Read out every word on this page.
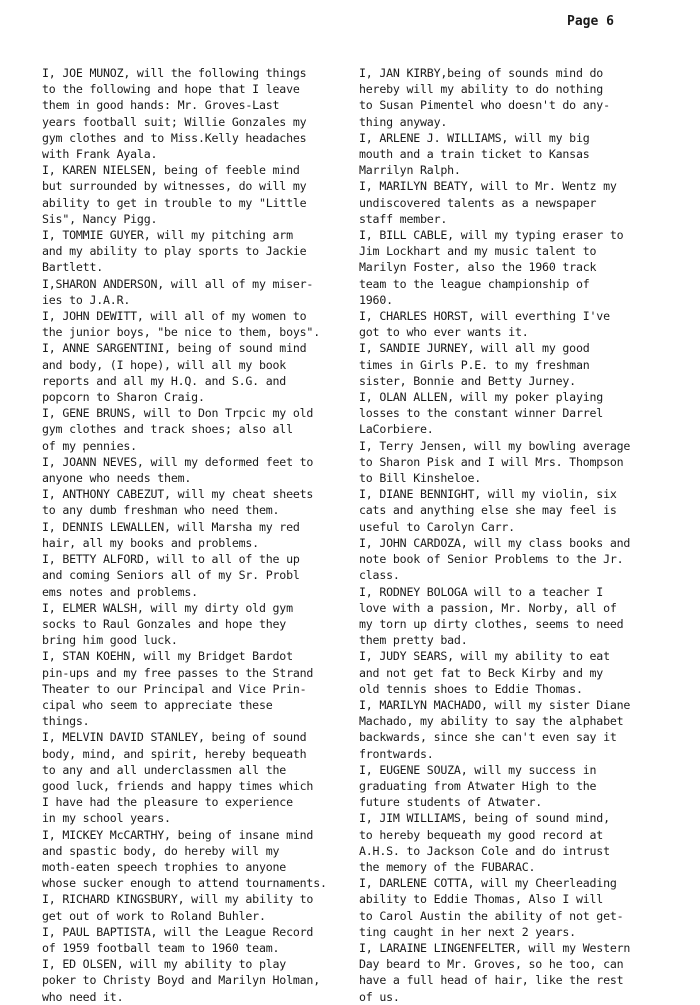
Page 6
I, JOE MUNOZ, will the following things
to the following and hope that I leave
them in good hands: Mr. Groves-Last
years football suit; Willie Gonzales my
gym clothes and to Miss.Kelly headaches
with Frank Ayala.
I, KAREN NIELSEN, being of feeble mind
but surrounded by witnesses, do will my
ability to get in trouble to my "Little
Sis", Nancy Pigg.
I, TOMMIE GUYER, will my pitching arm
and my ability to play sports to Jackie
Bartlett.
I,SHARON ANDERSON, will all of my miser-
ies to J.A.R.
I, JOHN DEWITT, will all of my women to
the junior boys, "be nice to them, boys".
I, ANNE SARGENTINI, being of sound mind
and body, (I hope), will all my book
reports and all my H.Q. and S.G. and
popcorn to Sharon Craig.
I, GENE BRUNS, will to Don Trpcic my old
gym clothes and track shoes; also all
of my pennies.
I, JOANN NEVES, will my deformed feet to
anyone who needs them.
I, ANTHONY CABEZUT, will my cheat sheets
to any dumb freshman who need them.
I, DENNIS LEWALLEN, will Marsha my red
hair, all my books and problems.
I, BETTY ALFORD, will to all of the up
and coming Seniors all of my Sr. Probl
ems notes and problems.
I, ELMER WALSH, will my dirty old gym
socks to Raul Gonzales and hope they
bring him good luck.
I, STAN KOEHN, will my Bridget Bardot
pin-ups and my free passes to the Strand
Theater to our Principal and Vice Prin-
cipal who seem to appreciate these
things.
I, MELVIN DAVID STANLEY, being of sound
body, mind, and spirit, hereby bequeath
to any and all underclassmen all the
good luck, friends and happy times which
I have had the pleasure to experience
in my school years.
I, MICKEY McCARTHY, being of insane mind
and spastic body, do hereby will my
moth-eaten speech trophies to anyone
whose sucker enough to attend tournaments.
I, RICHARD KINGSBURY, will my ability to
get out of work to Roland Buhler.
I, PAUL BAPTISTA, will the League Record
of 1959 football team to 1960 team.
I, ED OLSEN, will my ability to play
poker to Christy Boyd and Marilyn Holman,
who need it.
I, JAN KIRBY,being of sounds mind do
hereby will my ability to do nothing
to Susan Pimentel who doesn't do any-
thing anyway.
I, ARLENE J. WILLIAMS, will my big
mouth and a train ticket to Kansas
Marrilyn Ralph.
I, MARILYN BEATY, will to Mr. Wentz my
undiscovered talents as a newspaper
staff member.
I, BILL CABLE, will my typing eraser to
Jim Lockhart and my music talent to
Marilyn Foster, also the 1960 track
team to the league championship of
1960.
I, CHARLES HORST, will everthing I've
got to who ever wants it.
I, SANDIE JURNEY, will all my good
times in Girls P.E. to my freshman
sister, Bonnie and Betty Jurney.
I, OLAN ALLEN, will my poker playing
losses to the constant winner Darrel
LaCorbiere.
I, Terry Jensen, will my bowling average
to Sharon Pisk and I will Mrs. Thompson
to Bill Kinsheloe.
I, DIANE BENNIGHT, will my violin, six
cats and anything else she may feel is
useful to Carolyn Carr.
I, JOHN CARDOZA, will my class books and
note book of Senior Problems to the Jr.
class.
I, RODNEY BOLOGA will to a teacher I
love with a passion, Mr. Norby, all of
my torn up dirty clothes, seems to need
them pretty bad.
I, JUDY SEARS, will my ability to eat
and not get fat to Beck Kirby and my
old tennis shoes to Eddie Thomas.
I, MARILYN MACHADO, will my sister Diane
Machado, my ability to say the alphabet
backwards, since she can't even say it
frontwards.
I, EUGENE SOUZA, will my success in
graduating from Atwater High to the
future students of Atwater.
I, JIM WILLIAMS, being of sound mind,
to hereby bequeath my good record at
A.H.S. to Jackson Cole and do intrust
the memory of the FUBARAC.
I, DARLENE COTTA, will my Cheerleading
ability to Eddie Thomas, Also I will
to Carol Austin the ability of not get-
ting caught in her next 2 years.
I, LARAINE LINGENFELTER, will my Western
Day beard to Mr. Groves, so he too, can
have a full head of hair, like the rest
of us.
